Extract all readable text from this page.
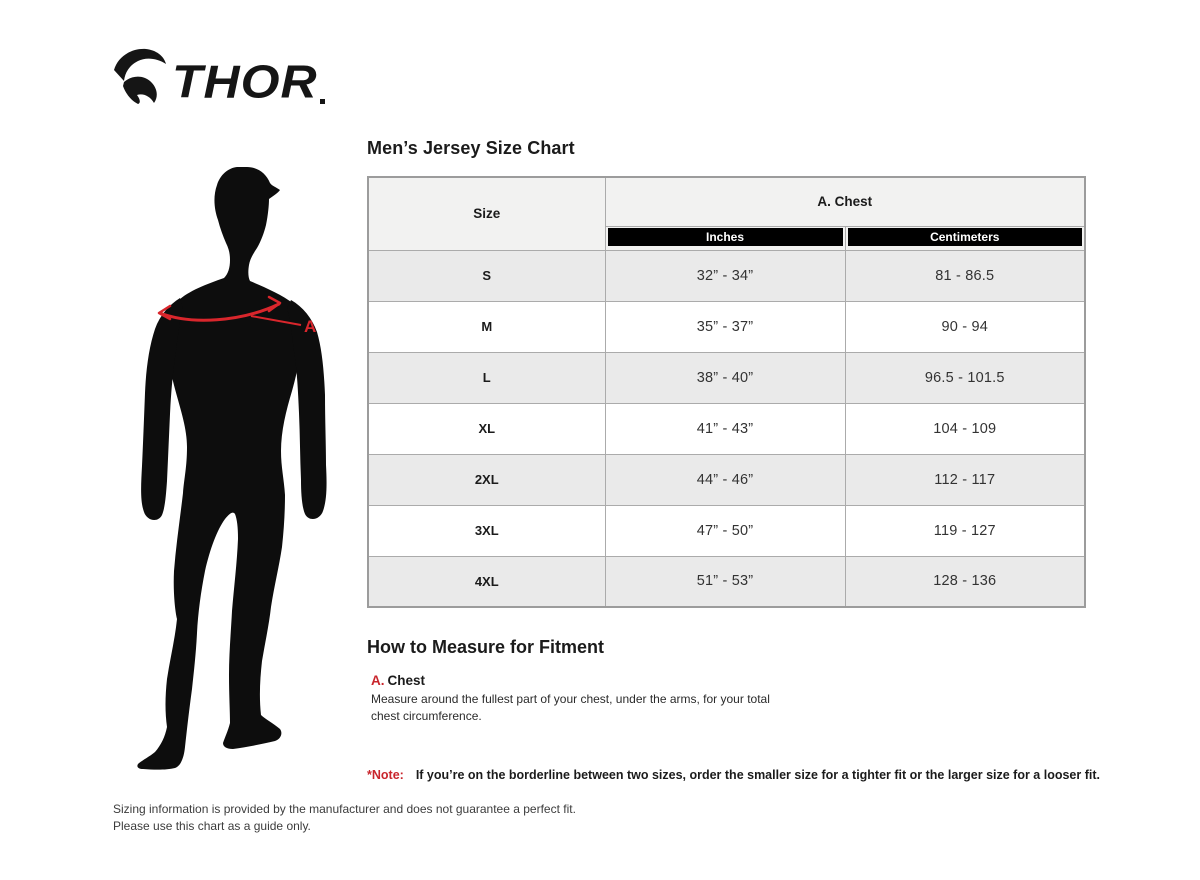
THOR
A
Men’s Jersey Size Chart
Size	A. Chest	

	Inches	Centimeters

S	32” - 34”	81 - 86.5
M	35” - 37”	90 - 94
L	38” - 40”	96.5 - 101.5
XL	41” - 43”	104 - 109
2XL	44” - 46”	112 - 117
3XL	47” - 50”	119 - 127
4XL	51” - 53”	128 - 136
How to Measure for Fitment
A. Chest
Measure around the fullest part of your chest, under the arms, for your total chest circumference.
*Note: If you’re on the borderline between two sizes, order the smaller size for a tighter fit or the larger size for a looser fit.
Sizing information is provided by the manufacturer and does not guarantee a perfect fit.
Please use this chart as a guide only.
